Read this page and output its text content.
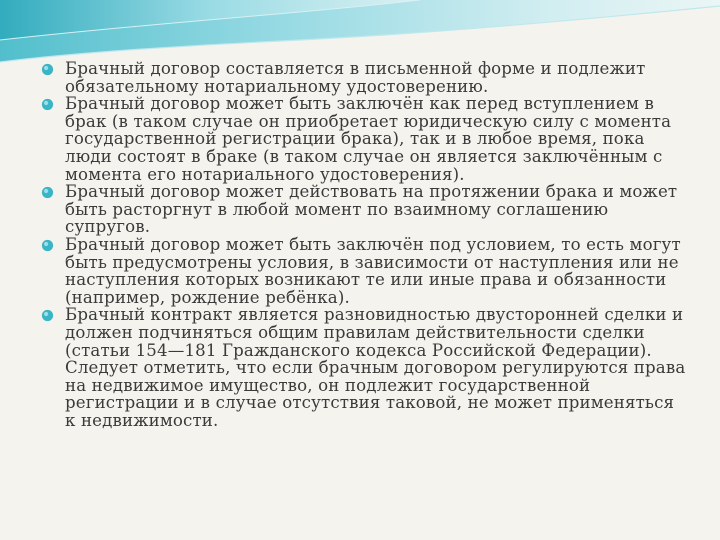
Брачный договор составляется в письменной форме и подлежит обязательному нотариальному удостоверению.
Брачный договор может быть заключён как перед вступлением в брак (в таком случае он приобретает юридическую силу с момента государственной регистрации брака), так и в любое время, пока люди состоят в браке (в таком случае он является заключённым с момента его нотариального удостоверения).
Брачный договор может действовать на протяжении брака и может быть расторгнут в любой момент по взаимному соглашению супругов.
Брачный договор может быть заключён под условием, то есть могут быть предусмотрены условия, в зависимости от наступления или не наступления которых возникают те или иные права и обязанности (например, рождение ребёнка).
Брачный контракт является разновидностью двусторонней сделки и должен подчиняться общим правилам действительности сделки (статьи 154—181 Гражданского кодекса Российской Федерации). Следует отметить, что если брачным договором регулируются права на недвижимое имущество, он подлежит государственной регистрации и в случае отсутствия таковой, не может применяться к недвижимости.
